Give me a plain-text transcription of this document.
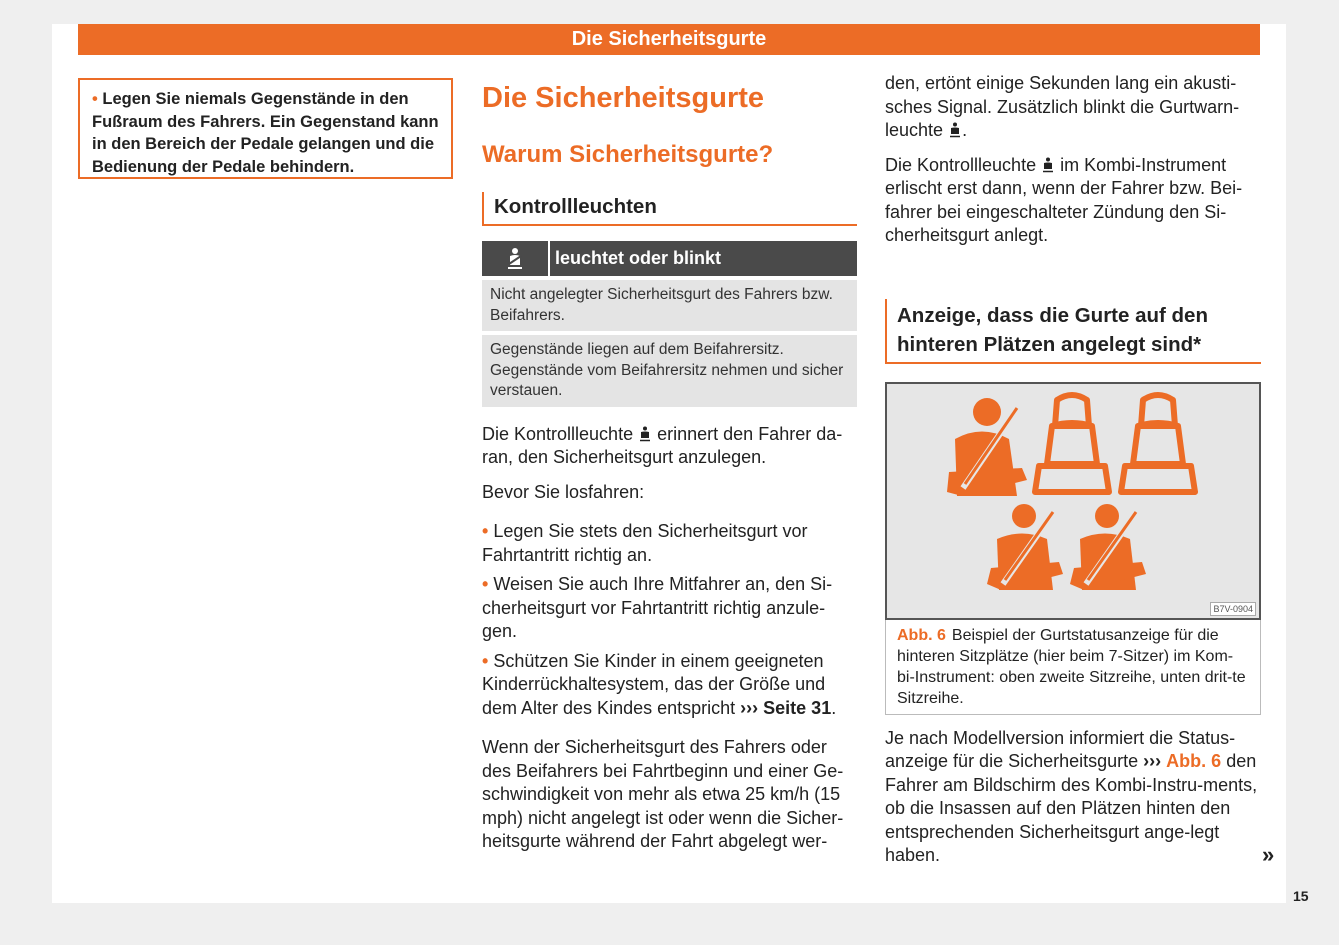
Die Sicherheitsgurte
• Legen Sie niemals Gegenstände in den Fußraum des Fahrers. Ein Gegenstand kann in den Bereich der Pedale gelangen und die Bedienung der Pedale behindern.
Die Sicherheitsgurte
Warum Sicherheitsgurte?
Kontrollleuchten
leuchtet oder blinkt
Nicht angelegter Sicherheitsgurt des Fahrers bzw. Beifahrers.
Gegenstände liegen auf dem Beifahrersitz. Gegenstände vom Beifahrersitz nehmen und sicher verstauen.

Die Kontrollleuchte erinnert den Fahrer da-ran, den Sicherheitsgurt anzulegen.

Bevor Sie losfahren:

• Legen Sie stets den Sicherheitsgurt vor Fahrtantritt richtig an.

• Weisen Sie auch Ihre Mitfahrer an, den Si-cherheitsgurt vor Fahrtantritt richtig anzule-gen.

• Schützen Sie Kinder in einem geeigneten Kinderrückhaltesystem, das der Größe und dem Alter des Kindes entspricht ››› Seite 31.

Wenn der Sicherheitsgurt des Fahrers oder des Beifahrers bei Fahrtbeginn und einer Ge-schwindigkeit von mehr als etwa 25 km/h (15 mph) nicht angelegt ist oder wenn die Sicher-heitsgurte während der Fahrt abgelegt wer-

den, ertönt einige Sekunden lang ein akusti-sches Signal. Zusätzlich blinkt die Gurtwarn-leuchte .

Die Kontrollleuchte im Kombi-Instrument erlischt erst dann, wenn der Fahrer bzw. Bei-fahrer bei eingeschalteter Zündung den Si-cherheitsgurt anlegt.

Anzeige, dass die Gurte auf den hinteren Plätzen angelegt sind*
B7V-0904
Abb. 6 Beispiel der Gurtstatusanzeige für die hinteren Sitzplätze (hier beim 7-Sitzer) im Kom-bi-Instrument: oben zweite Sitzreihe, unten drit-te Sitzreihe.

Je nach Modellversion informiert die Status-anzeige für die Sicherheitsgurte ››› Abb. 6 den Fahrer am Bildschirm des Kombi-Instru-ments, ob die Insassen auf den Plätzen hinten den entsprechenden Sicherheitsgurt ange-legt haben.	»
15
